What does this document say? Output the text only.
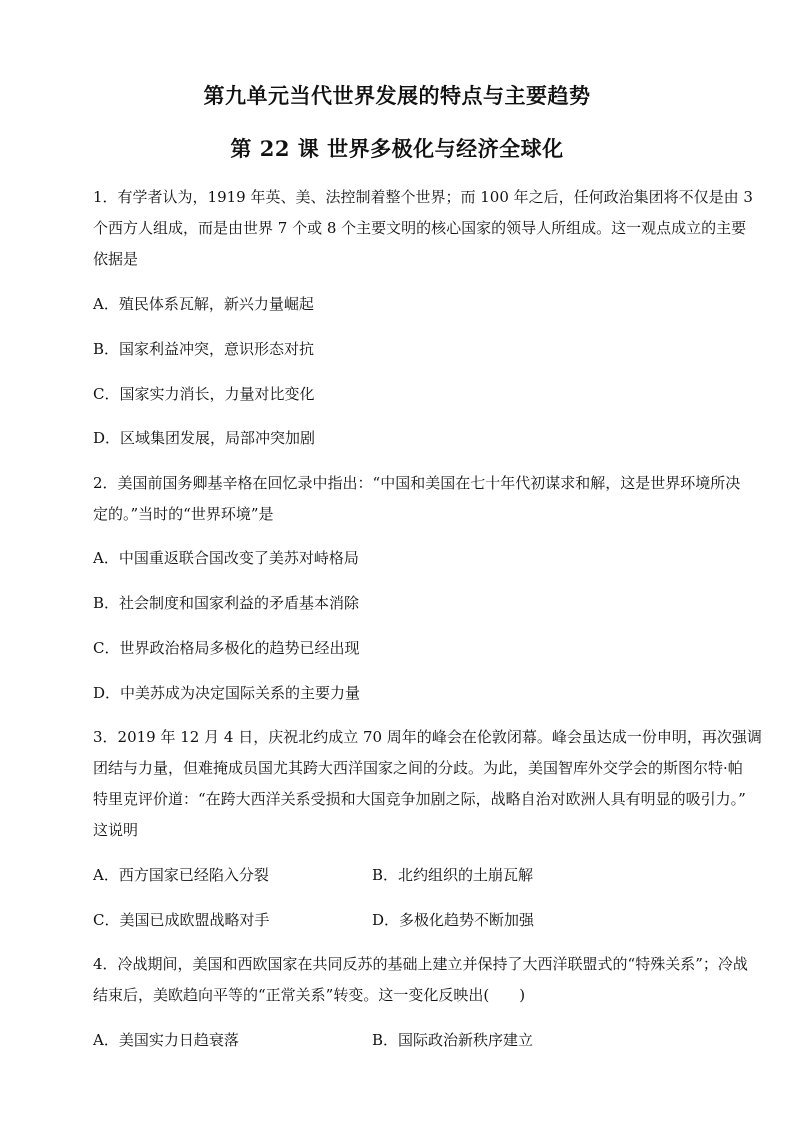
第九单元当代世界发展的特点与主要趋势
第 22 课 世界多极化与经济全球化
1．有学者认为，1919 年英、美、法控制着整个世界；而 100 年之后，任何政治集团将不仅是由 3
个西方人组成，而是由世界 7 个或 8 个主要文明的核心国家的领导人所组成。这一观点成立的主要
依据是
A．殖民体系瓦解，新兴力量崛起
B．国家利益冲突，意识形态对抗
C．国家实力消长，力量对比变化
D．区域集团发展，局部冲突加剧
2．美国前国务卿基辛格在回忆录中指出：“中国和美国在七十年代初谋求和解，这是世界环境所决
定的。”当时的“世界环境”是
A．中国重返联合国改变了美苏对峙格局
B．社会制度和国家利益的矛盾基本消除
C．世界政治格局多极化的趋势已经出现
D．中美苏成为决定国际关系的主要力量
3．2019 年 12 月 4 日，庆祝北约成立 70 周年的峰会在伦敦闭幕。峰会虽达成一份申明，再次强调
团结与力量，但难掩成员国尤其跨大西洋国家之间的分歧。为此，美国智库外交学会的斯图尔特·帕
特里克评价道：“在跨大西洋关系受损和大国竞争加剧之际，战略自治对欧洲人具有明显的吸引力。”
这说明
A．西方国家已经陷入分裂	B．北约组织的土崩瓦解
C．美国已成欧盟战略对手	D．多极化趋势不断加强
4．冷战期间，美国和西欧国家在共同反苏的基础上建立并保持了大西洋联盟式的“特殊关系”；冷战
结束后，美欧趋向平等的“正常关系”转变。这一变化反映出(　　)
A．美国实力日趋衰落	B．国际政治新秩序建立
